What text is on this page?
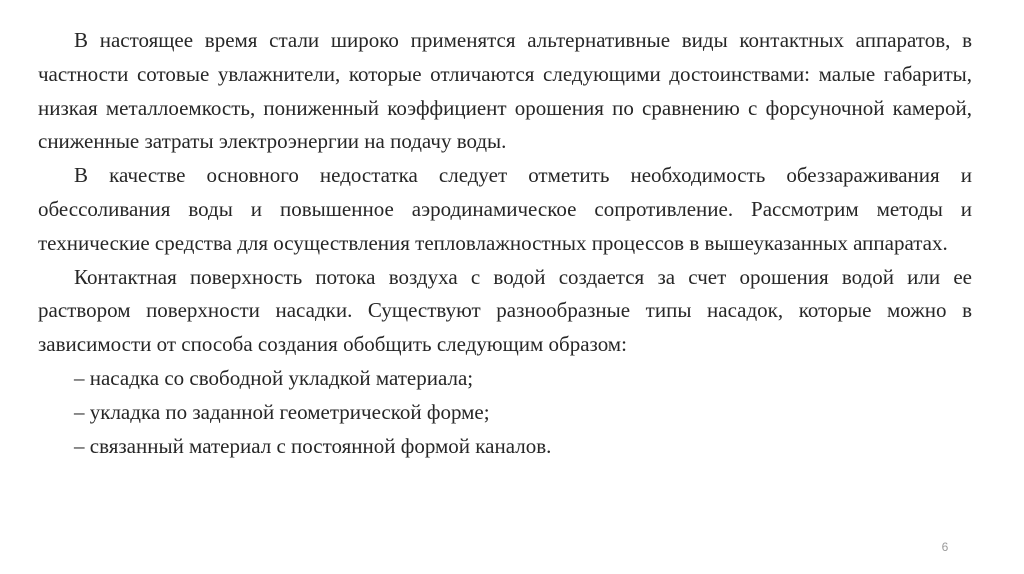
В настоящее время стали широко применятся альтернативные виды контактных аппаратов, в частности сотовые увлажнители, которые отличаются следующими достоинствами: малые габариты, низкая металлоемкость, пониженный коэффициент орошения по сравнению с форсуночной камерой, сниженные затраты электроэнергии на подачу воды.

В качестве основного недостатка следует отметить необходимость обеззараживания и обессоливания воды и повышенное аэродинамическое сопротивление. Рассмотрим методы и технические средства для осуществления тепловлажностных процессов в вышеуказанных аппаратах.

Контактная поверхность потока воздуха с водой создается за счет орошения водой или ее раствором поверхности насадки. Существуют разнообразные типы насадок, которые можно в зависимости от способа создания обобщить следующим образом:

– насадка со свободной укладкой материала;

– укладка по заданной геометрической форме;

– связанный материал с постоянной формой каналов.

6
